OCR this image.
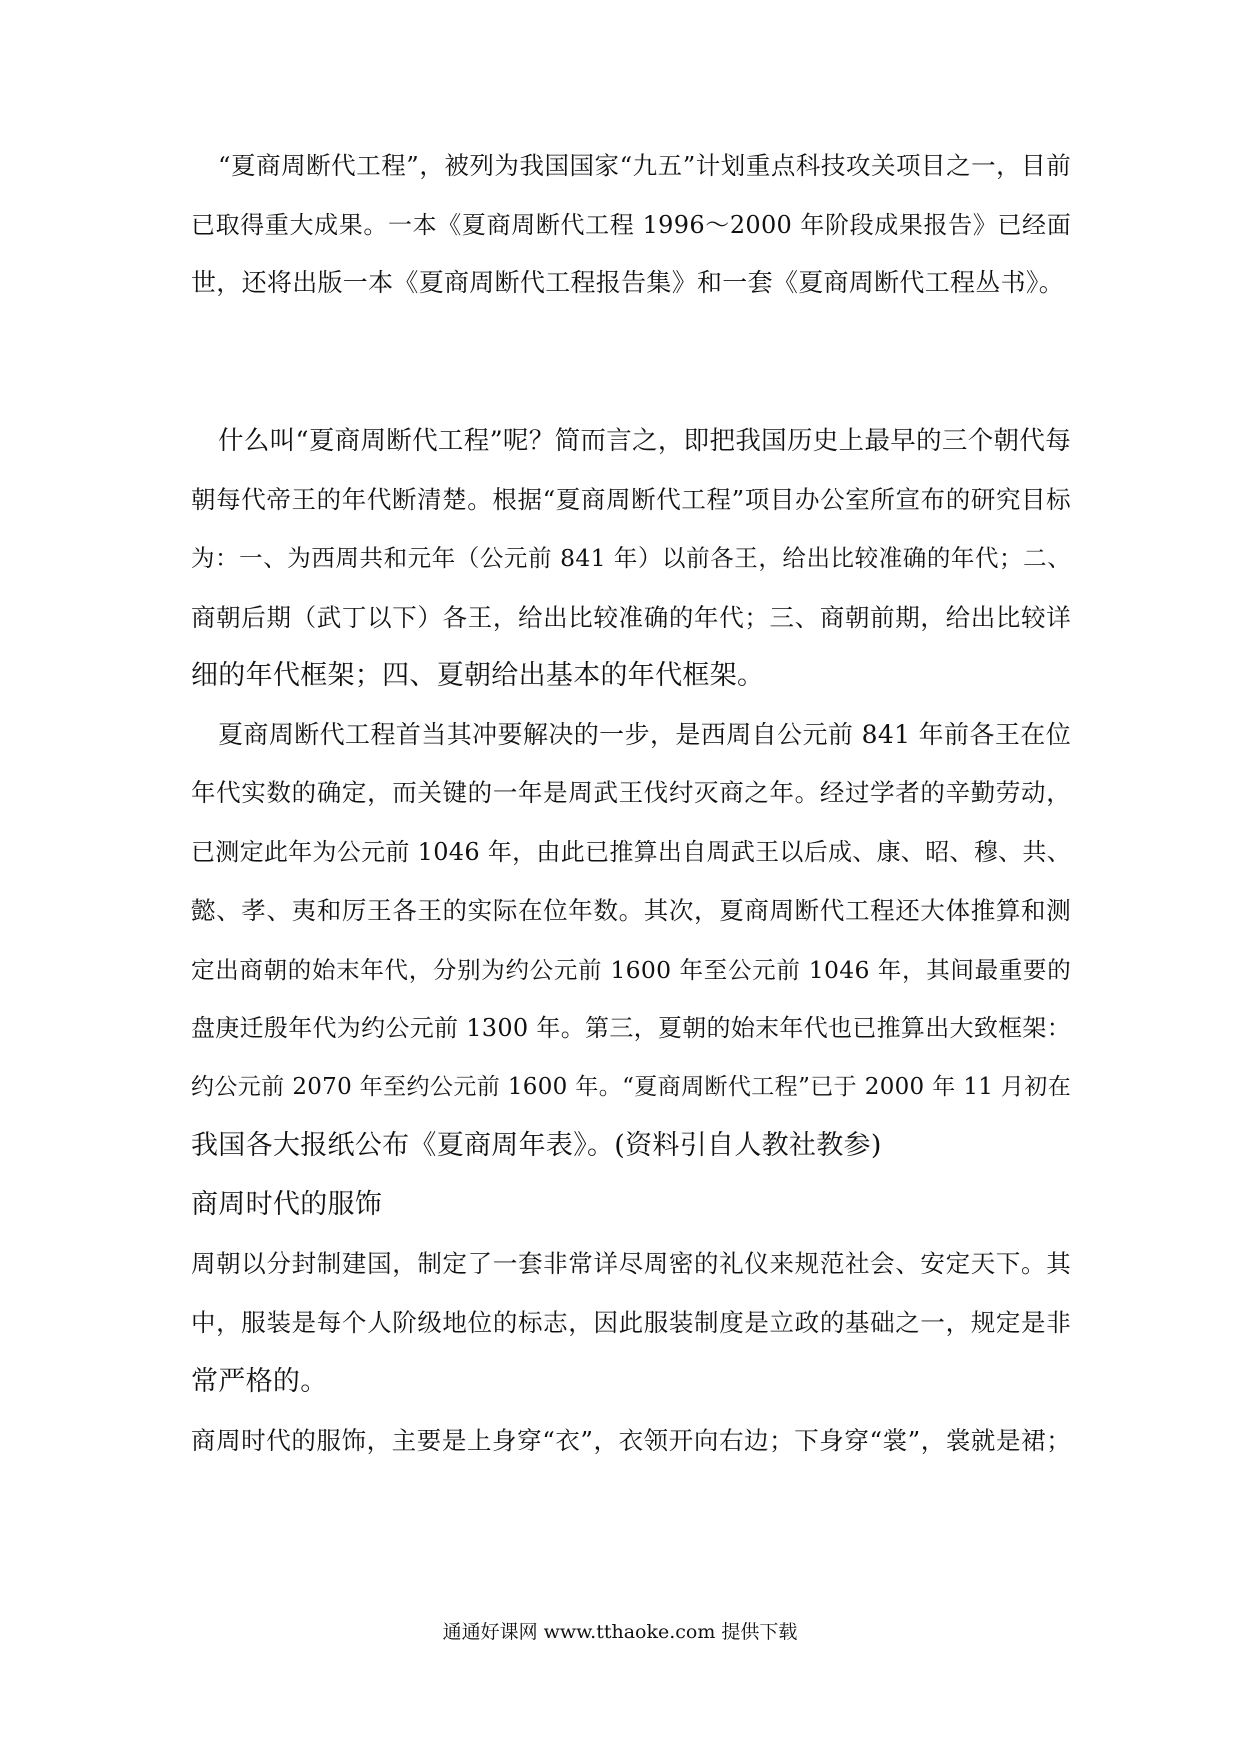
“夏商周断代工程”，被列为我国国家“九五”计划重点科技攻关项目之一，目前
已取得重大成果。一本《夏商周断代工程 1996～2000 年阶段成果报告》已经面
世，还将出版一本《夏商周断代工程报告集》和一套《夏商周断代工程丛书》。
什么叫“夏商周断代工程”呢？简而言之，即把我国历史上最早的三个朝代每
朝每代帝王的年代断清楚。根据“夏商周断代工程”项目办公室所宣布的研究目标
为：一、为西周共和元年（公元前 841 年）以前各王，给出比较准确的年代；二、
商朝后期（武丁以下）各王，给出比较准确的年代；三、商朝前期，给出比较详
细的年代框架；四、夏朝给出基本的年代框架。
夏商周断代工程首当其冲要解决的一步，是西周自公元前 841 年前各王在位
年代实数的确定，而关键的一年是周武王伐纣灭商之年。经过学者的辛勤劳动，
已测定此年为公元前 1046 年，由此已推算出自周武王以后成、康、昭、穆、共、
懿、孝、夷和厉王各王的实际在位年数。其次，夏商周断代工程还大体推算和测
定出商朝的始末年代，分别为约公元前 1600 年至公元前 1046 年，其间最重要的
盘庚迁殷年代为约公元前 1300 年。第三，夏朝的始末年代也已推算出大致框架：
约公元前 2070 年至约公元前 1600 年。“夏商周断代工程”已于 2000 年 11 月初在
我国各大报纸公布《夏商周年表》。(资料引自人教社教参)
商周时代的服饰
周朝以分封制建国，制定了一套非常详尽周密的礼仪来规范社会、安定天下。其
中，服装是每个人阶级地位的标志，因此服装制度是立政的基础之一，规定是非
常严格的。
商周时代的服饰，主要是上身穿“衣”，衣领开向右边；下身穿“裳”，裳就是裙；
通通好课网 www.tthaoke.com 提供下载
